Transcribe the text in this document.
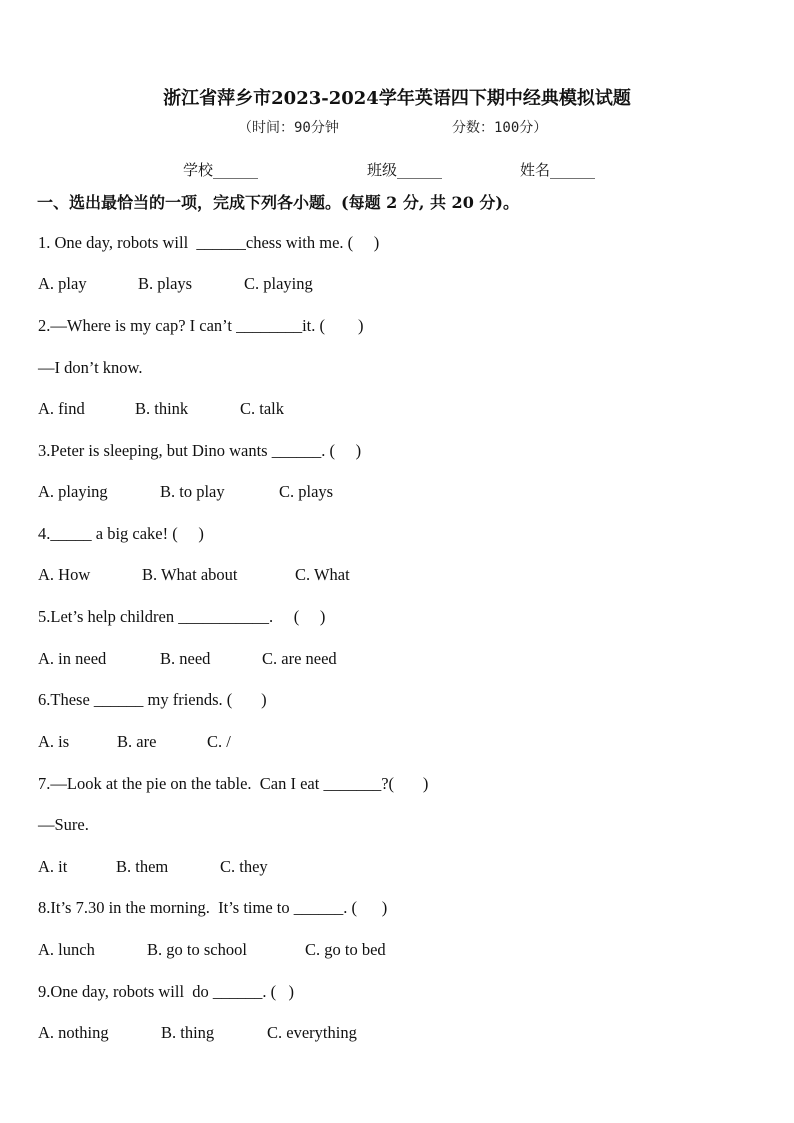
浙江省萍乡市2023-2024学年英语四下期中经典模拟试题
（时间：90分钟	分数：100分）
学校______	班级______	姓名______
一、选出最恰当的一项，完成下列各小题。(每题 2 分, 共 20 分)。
1. One day, robots will  ______chess with me. (     )
A. play	B. plays	C. playing
2.—Where is my cap? I can’t ________it. (        )
—I don’t know.
A. find	B. think	C. talk
3.Peter is sleeping, but Dino wants ______. (     )
A. playing	B. to play	C. plays
4._____ a big cake! (     )
A. How	B. What about	C. What
5.Let’s help children ___________.     (     )
A. in need	B. need	C. are need
6.These ______ my friends. (       )
A. is	B. are	C. /
7.—Look at the pie on the table.  Can I eat _______?(       )
—Sure.
A. it	B. them	C. they
8.It’s 7.30 in the morning.  It’s time to ______. (      )
A. lunch	B. go to school	C. go to bed
9.One day, robots will  do ______. (   )
A. nothing	B. thing	C. everything
